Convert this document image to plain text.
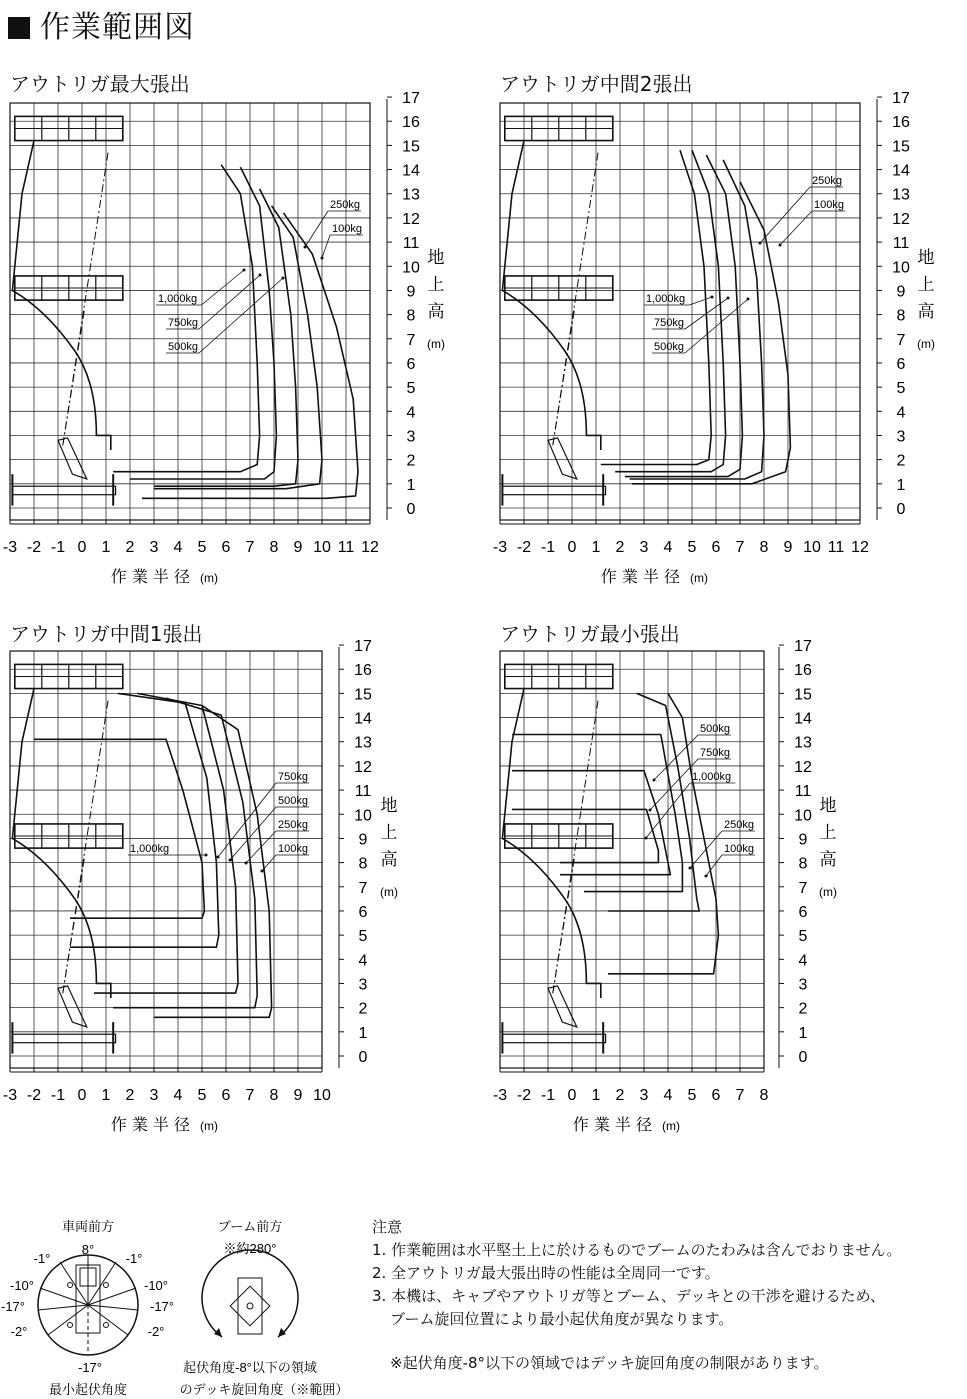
作業範囲図
アウトリガ最大張出	アウトリガ中間2張出
アウトリガ中間1張出	アウトリガ最小張出
0
1
2
3
4
5
6
7
8
9
10
11
12
13
14
15
16
17
-3 -2 -1 0 1 2 3 4 5 6 7 8 9 10 11 12
作 業 半 径 (m)
地
上
高
(m)
250kg
100kg
1,000kg
750kg
500kg
0
1
2
3
4
5
6
7
8
9
10
11
12
13
14
15
16
17
-3 -2 -1 0 1 2 3 4 5 6 7 8 9 10 11 12
作 業 半 径 (m)
地
上
高
(m)
250kg
100kg
1,000kg
750kg
500kg
0
1
2
3
4
5
6
7
8
9
10
11
12
13
14
15
16
17
-3 -2 -1 0 1 2 3 4 5 6 7 8 9 10
作 業 半 径 (m)
地
上
高
(m)
750kg
500kg
250kg
100kg
1,000kg
0
1
2
3
4
5
6
7
8
9
10
11
12
13
14
15
16
17
-3 -2 -1 0 1 2 3 4 5 6 7 8
作 業 半 径 (m)
地
上
高
(m)
500kg
750kg
1,000kg
250kg
100kg
車両前方
8°
-1°	-1°
-10°	-10°
-17°	-17°
-2°	-2°
-17°
最小起伏角度
ブーム前方
※約280°
起伏角度-8°以下の領域
のデッキ旋回角度（※範囲）
注意
1. 作業範囲は水平堅土上に於けるものでブームのたわみは含んでおりません。
2. 全アウトリガ最大張出時の性能は全周同一です。
3. 本機は、キャブやアウトリガ等とブーム、デッキとの干渉を避けるため、
ブーム旋回位置により最小起伏角度が異なります。
※起伏角度-8°以下の領域ではデッキ旋回角度の制限があります。
